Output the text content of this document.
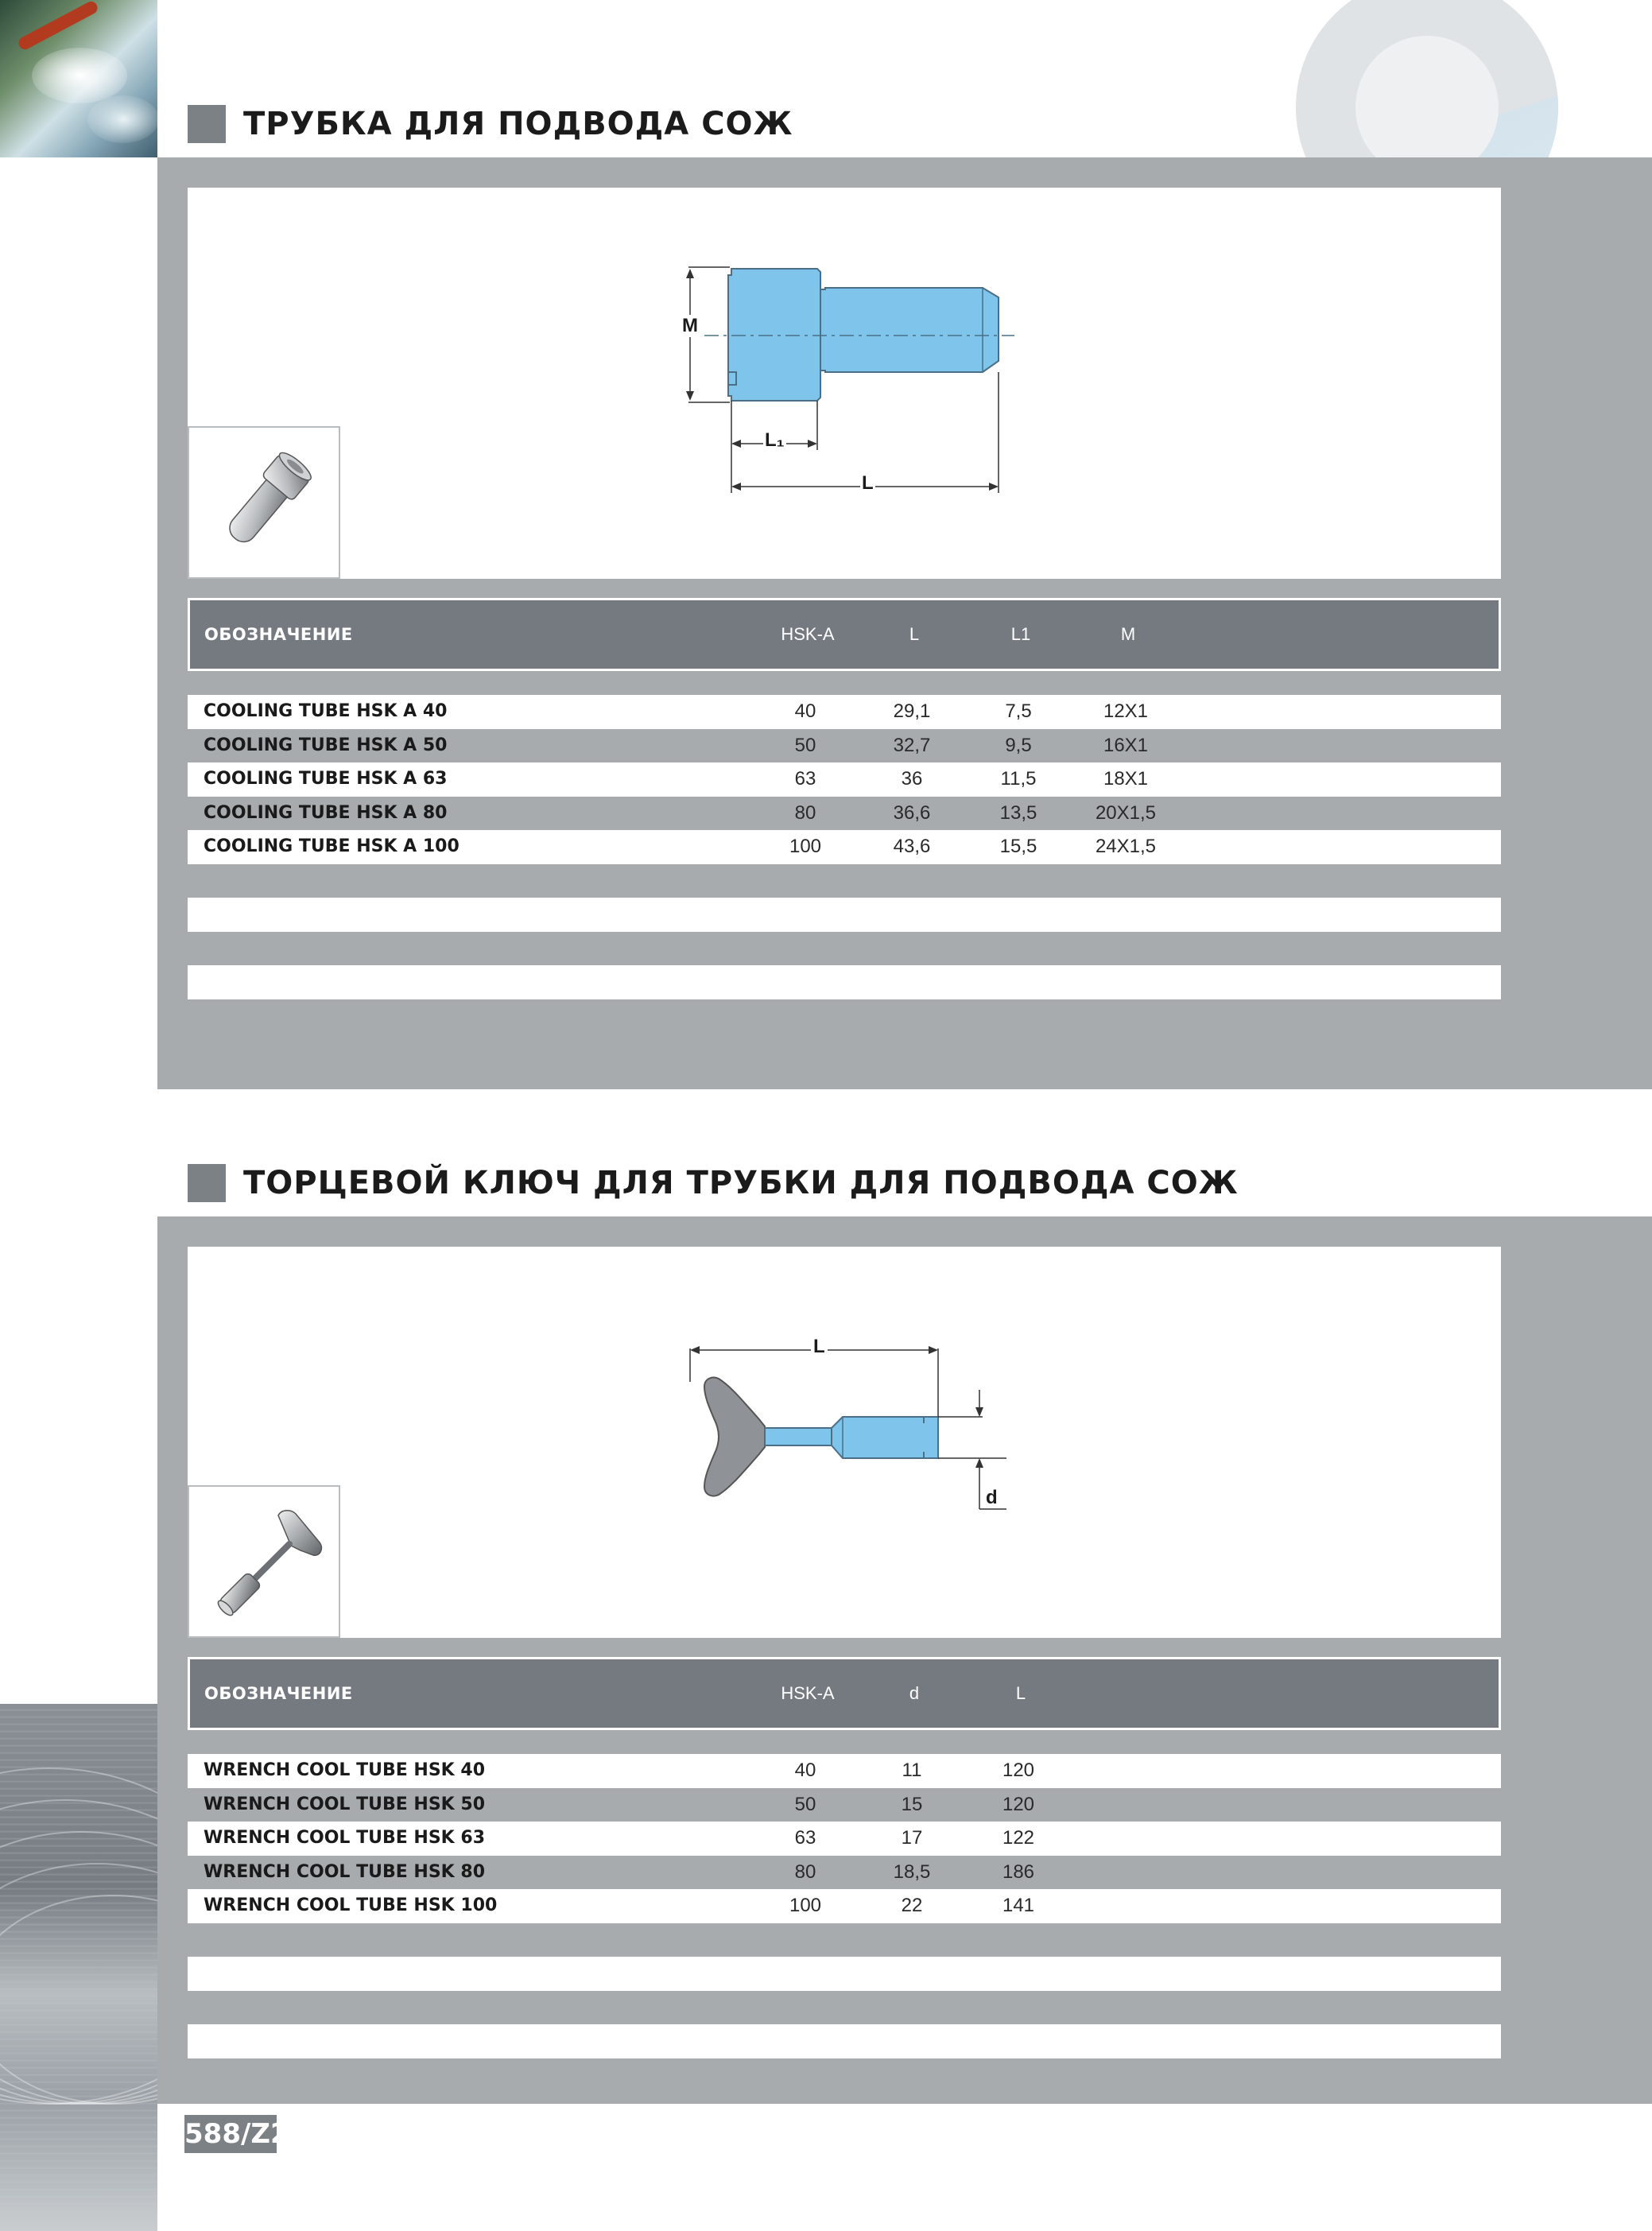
ТРУБКА ДЛЯ ПОДВОДА СОЖ
M
L₁
L
ОБОЗНАЧЕНИЕ	HSK-A	L	L1	M
COOLING TUBE HSK A 40	40	29,1	7,5	12X1
COOLING TUBE HSK A 50	50	32,7	9,5	16X1
COOLING TUBE HSK A 63	63	36	11,5	18X1
COOLING TUBE HSK A 80	80	36,6	13,5	20X1,5
COOLING TUBE HSK A 100	100	43,6	15,5	24X1,5
ТОРЦЕВОЙ КЛЮЧ ДЛЯ ТРУБКИ ДЛЯ ПОДВОДА СОЖ
L
d
ОБОЗНАЧЕНИЕ	HSK-A	d	L
WRENCH COOL TUBE HSK 40	40	11	120
WRENCH COOL TUBE HSK 50	50	15	120
WRENCH COOL TUBE HSK 63	63	17	122
WRENCH COOL TUBE HSK 80	80	18,5	186
WRENCH COOL TUBE HSK 100	100	22	141
588/Z2
